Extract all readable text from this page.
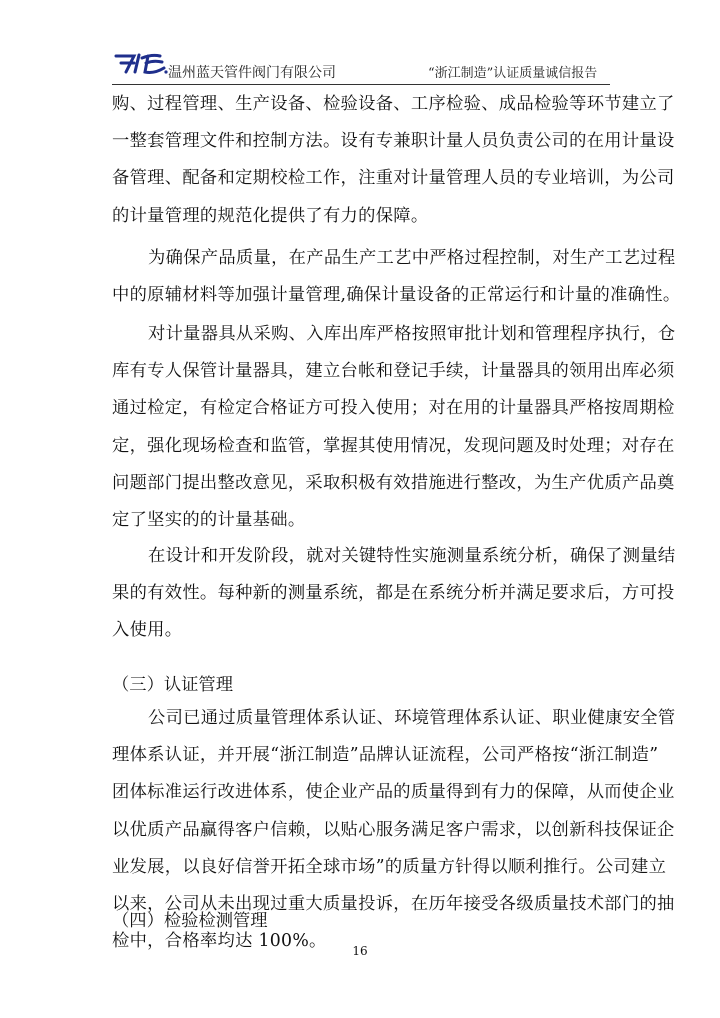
温州蓝天管件阀门有限公司	“浙江制造”认证质量诚信报告
购、过程管理、生产设备、检验设备、工序检验、成品检验等环节建立了
一整套管理文件和控制方法。设有专兼职计量人员负责公司的在用计量设
备管理、配备和定期校检工作，注重对计量管理人员的专业培训，为公司
的计量管理的规范化提供了有力的保障。
为确保产品质量，在产品生产工艺中严格过程控制，对生产工艺过程
中的原辅材料等加强计量管理,确保计量设备的正常运行和计量的准确性。
对计量器具从采购、入库出库严格按照审批计划和管理程序执行，仓
库有专人保管计量器具，建立台帐和登记手续，计量器具的领用出库必须
通过检定，有检定合格证方可投入使用；对在用的计量器具严格按周期检
定，强化现场检查和监管，掌握其使用情况，发现问题及时处理；对存在
问题部门提出整改意见，采取积极有效措施进行整改，为生产优质产品奠
定了坚实的的计量基础。
在设计和开发阶段，就对关键特性实施测量系统分析，确保了测量结
果的有效性。每种新的测量系统，都是在系统分析并满足要求后，方可投
入使用。
（三）认证管理
公司已通过质量管理体系认证、环境管理体系认证、职业健康安全管
理体系认证，并开展“浙江制造”品牌认证流程，公司严格按“浙江制造”
团体标准运行改进体系，使企业产品的质量得到有力的保障，从而使企业
以优质产品赢得客户信赖，以贴心服务满足客户需求，以创新科技保证企
业发展，以良好信誉开拓全球市场”的质量方针得以顺利推行。公司建立
以来，公司从未出现过重大质量投诉，在历年接受各级质量技术部门的抽
检中，合格率均达 100%。
（四）检验检测管理
16
